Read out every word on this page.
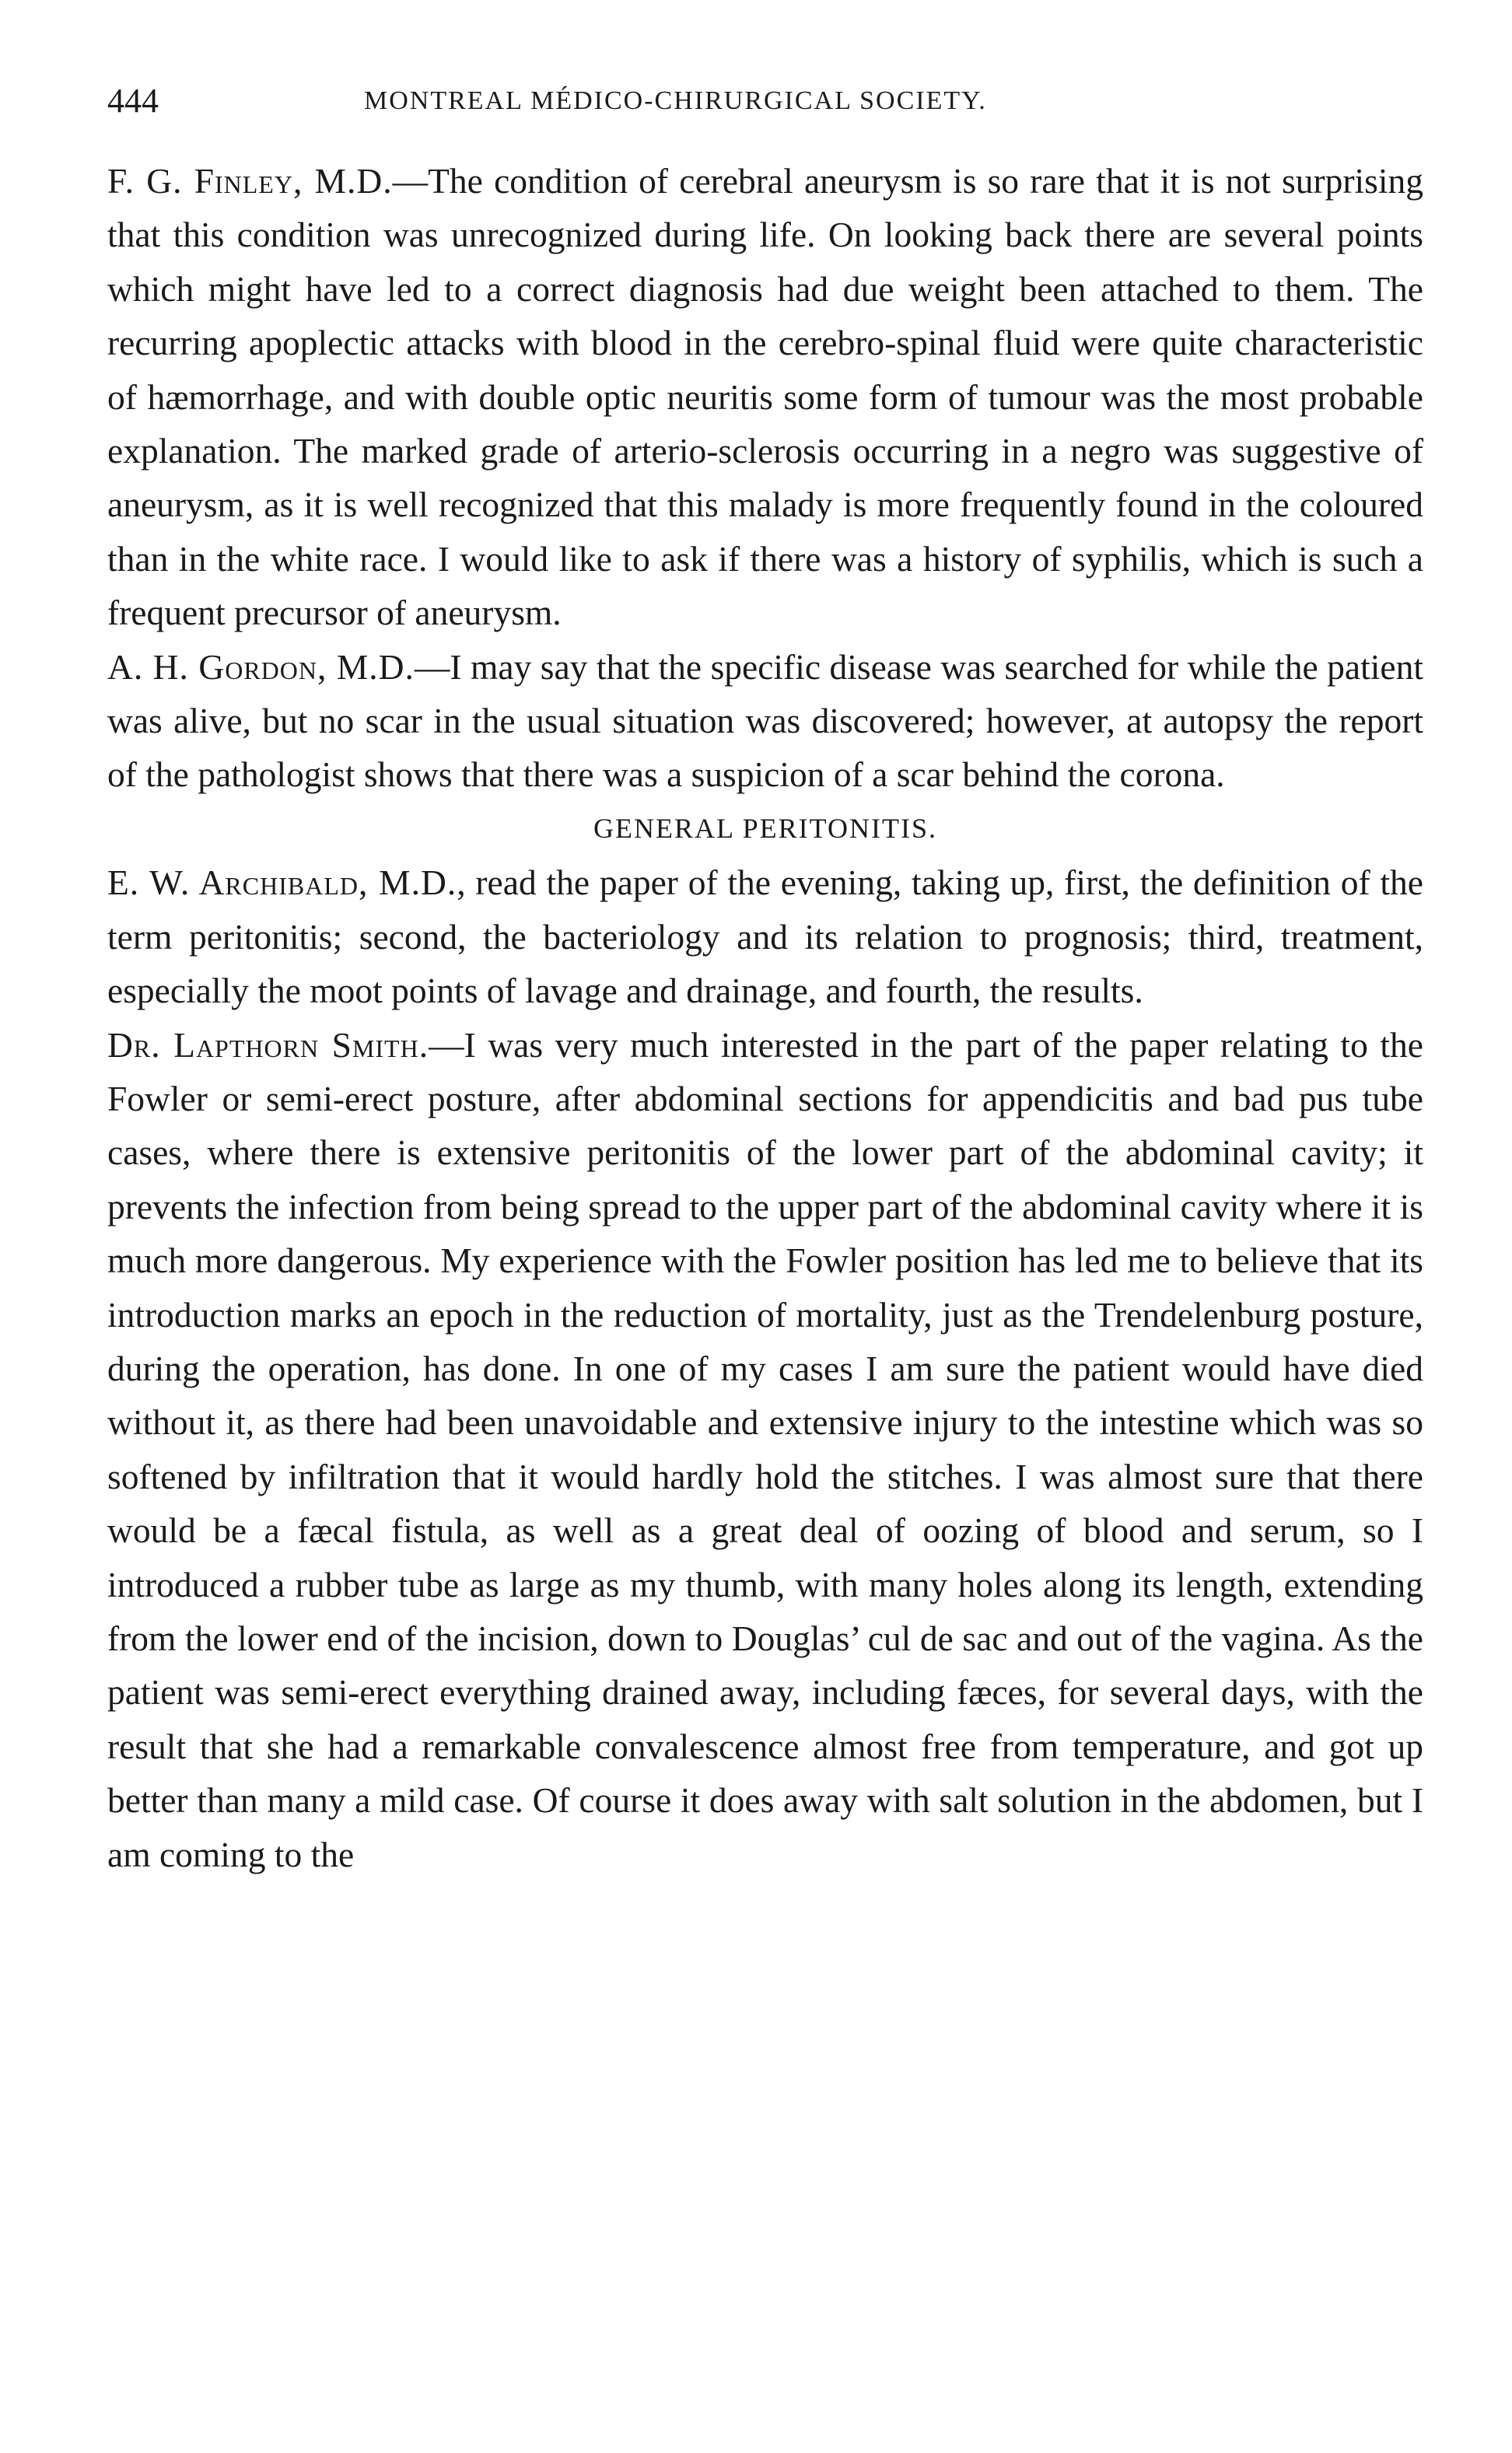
444	MONTREAL MÉDICO-CHIRURGICAL SOCIETY.

F. G. Finley, M.D.—The condition of cerebral aneurysm is so rare that it is not surprising that this condition was unrecognized during life. On looking back there are several points which might have led to a correct diagnosis had due weight been attached to them. The recurring apoplectic attacks with blood in the cerebro-spinal fluid were quite characteristic of hæmorrhage, and with double optic neuritis some form of tumour was the most probable explanation. The marked grade of arterio-sclerosis occurring in a negro was suggestive of aneurysm, as it is well recognized that this malady is more frequently found in the coloured than in the white race. I would like to ask if there was a history of syphilis, which is such a frequent precursor of aneurysm.

A. H. Gordon, M.D.—I may say that the specific disease was searched for while the patient was alive, but no scar in the usual situation was discovered; however, at autopsy the report of the pathologist shows that there was a suspicion of a scar behind the corona.

GENERAL PERITONITIS.

E. W. Archibald, M.D., read the paper of the evening, taking up, first, the definition of the term peritonitis; second, the bacteriology and its relation to prognosis; third, treatment, especially the moot points of lavage and drainage, and fourth, the results.

Dr. Lapthorn Smith.—I was very much interested in the part of the paper relating to the Fowler or semi-erect posture, after abdominal sections for appendicitis and bad pus tube cases, where there is extensive peritonitis of the lower part of the abdominal cavity; it prevents the infection from being spread to the upper part of the abdominal cavity where it is much more dangerous. My experience with the Fowler position has led me to believe that its introduction marks an epoch in the reduction of mortality, just as the Trendelenburg posture, during the operation, has done. In one of my cases I am sure the patient would have died without it, as there had been unavoidable and extensive injury to the intestine which was so softened by infiltration that it would hardly hold the stitches. I was almost sure that there would be a fæcal fistula, as well as a great deal of oozing of blood and serum, so I introduced a rubber tube as large as my thumb, with many holes along its length, extending from the lower end of the incision, down to Douglas’ cul de sac and out of the vagina. As the patient was semi-erect everything drained away, including fæces, for several days, with the result that she had a remarkable convalescence almost free from temperature, and got up better than many a mild case. Of course it does away with salt solution in the abdomen, but I am coming to the
